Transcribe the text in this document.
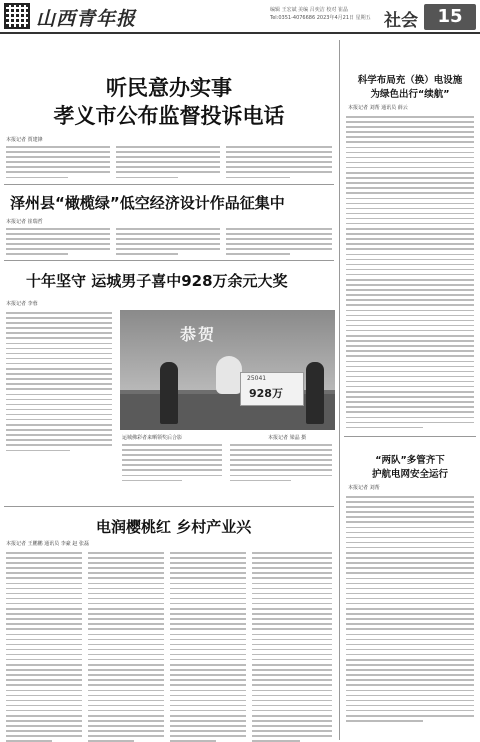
山西青年报	编辑 王宏斌 美编 吕奕洁 校对 崔晶
Tel:0351-4076686 2023年4月21日 星期五 社会	15
听民意办实事
孝义市公布监督投诉电话
本报记者 贾建锋
泽州县“橄榄绿”低空经济设计作品征集中
本报记者 崔瑞哲
十年坚守 运城男子喜中928万余元大奖
本报记者 李蓉
恭贺
25041
928万
运城佛彩者来晒领奖后合影	本报记者 梁晶 摄
电润樱桃红 乡村产业兴
本报记者 王鹏鹏 通讯员 李豪 赵 张磊
科学布局充（换）电设施
为绿色出行“续航”
本报记者 刘帮 通讯员 薛云
“两队”多管齐下
护航电网安全运行
本报记者 刘帮
